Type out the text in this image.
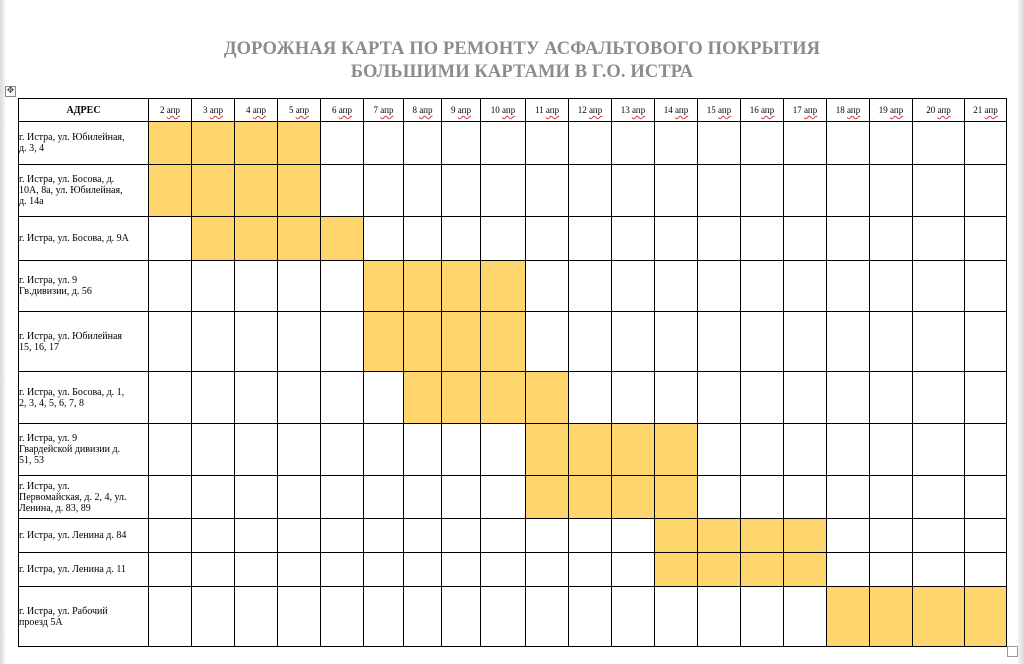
ДОРОЖНАЯ КАРТА ПО РЕМОНТУ АСФАЛЬТОВОГО ПОКРЫТИЯ
БОЛЬШИМИ КАРТАМИ В Г.О. ИСТРА
✥
АДРЕС	2 апр	3 апр	4 апр	5 апр	6 апр	7 апр	8 апр	9 апр	10 апр	11 апр	12 апр	13 апр	14 апр	15 апр	16 апр	17 апр	18 апр	19 апр	20 апр	21 апр

г. Истра, ул. Юбилейная,
д. 3, 4																				

г. Истра, ул. Босова, д.
10А, 8а, ул. Юбилейная,
д. 14а																				

г. Истра, ул. Босова, д. 9А																				

г. Истра, ул. 9
Гв.дивизии, д. 56																				

г. Истра, ул. Юбилейная
15, 16, 17																				

г. Истра, ул. Босова, д. 1,
2, 3, 4, 5, 6, 7, 8																				

г. Истра, ул. 9
Гвардейской дивизии д.
51, 53																				

г. Истра, ул.
Первомайская, д. 2, 4, ул.
Ленина, д. 83, 89																				

г. Истра, ул. Ленина д. 84																				

г. Истра, ул. Ленина д. 11																				

г. Истра, ул. Рабочий
проезд 5А																				
